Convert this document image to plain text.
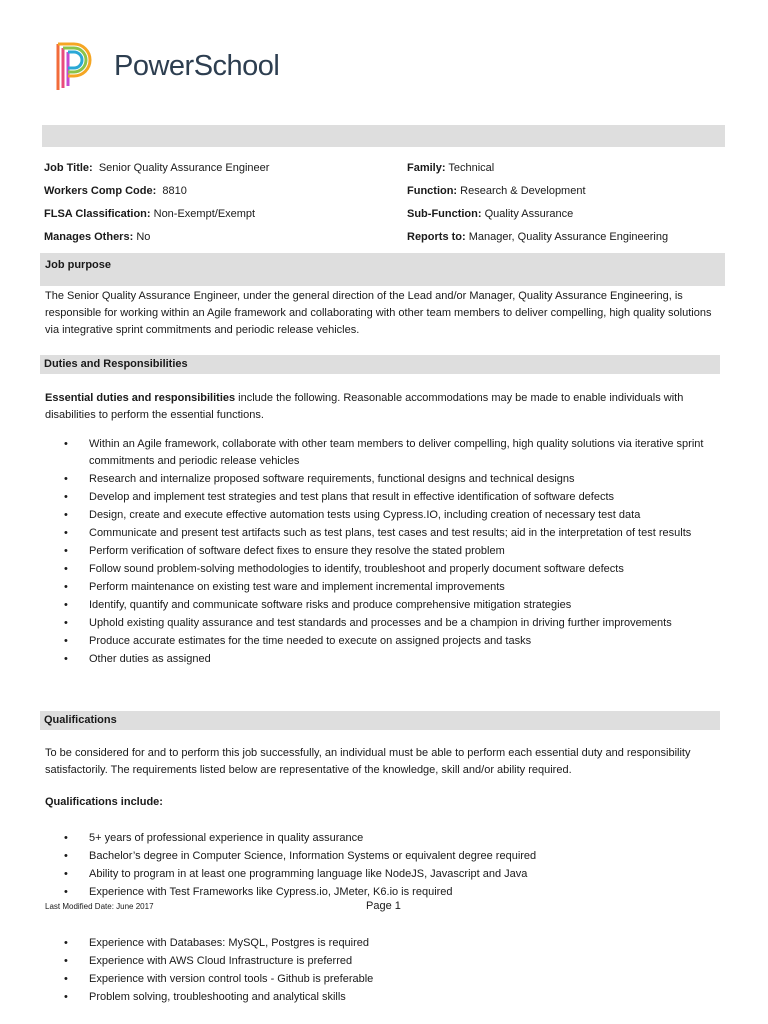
PowerSchool
Job Title: Senior Quality Assurance Engineer
Workers Comp Code: 8810
FLSA Classification: Non-Exempt/Exempt
Manages Others: No
Family: Technical
Function: Research & Development
Sub-Function: Quality Assurance
Reports to: Manager, Quality Assurance Engineering
Job purpose
The Senior Quality Assurance Engineer, under the general direction of the Lead and/or Manager, Quality Assurance Engineering, is responsible for working within an Agile framework and collaborating with other team members to deliver compelling, high quality solutions via integrative sprint commitments and periodic release vehicles.
Duties and Responsibilities
Essential duties and responsibilities include the following. Reasonable accommodations may be made to enable individuals with disabilities to perform the essential functions.
• Within an Agile framework, collaborate with other team members to deliver compelling, high quality solutions via iterative sprint commitments and periodic release vehicles
• Research and internalize proposed software requirements, functional designs and technical designs
• Develop and implement test strategies and test plans that result in effective identification of software defects
• Design, create and execute effective automation tests using Cypress.IO, including creation of necessary test data
• Communicate and present test artifacts such as test plans, test cases and test results; aid in the interpretation of test results
• Perform verification of software defect fixes to ensure they resolve the stated problem
• Follow sound problem-solving methodologies to identify, troubleshoot and properly document software defects
• Perform maintenance on existing test ware and implement incremental improvements
• Identify, quantify and communicate software risks and produce comprehensive mitigation strategies
• Uphold existing quality assurance and test standards and processes and be a champion in driving further improvements
• Produce accurate estimates for the time needed to execute on assigned projects and tasks
• Other duties as assigned
Qualifications
To be considered for and to perform this job successfully, an individual must be able to perform each essential duty and responsibility satisfactorily. The requirements listed below are representative of the knowledge, skill and/or ability required.
Qualifications include:
• 5+ years of professional experience in quality assurance
• Bachelor’s degree in Computer Science, Information Systems or equivalent degree required
• Ability to program in at least one programming language like NodeJS, Javascript and Java
• Experience with Test Frameworks like Cypress.io, JMeter, K6.io is required
Last Modified Date: June 2017	Page 1
• Experience with Databases: MySQL, Postgres is required
• Experience with AWS Cloud Infrastructure is preferred
• Experience with version control tools - Github is preferable
• Problem solving, troubleshooting and analytical skills
